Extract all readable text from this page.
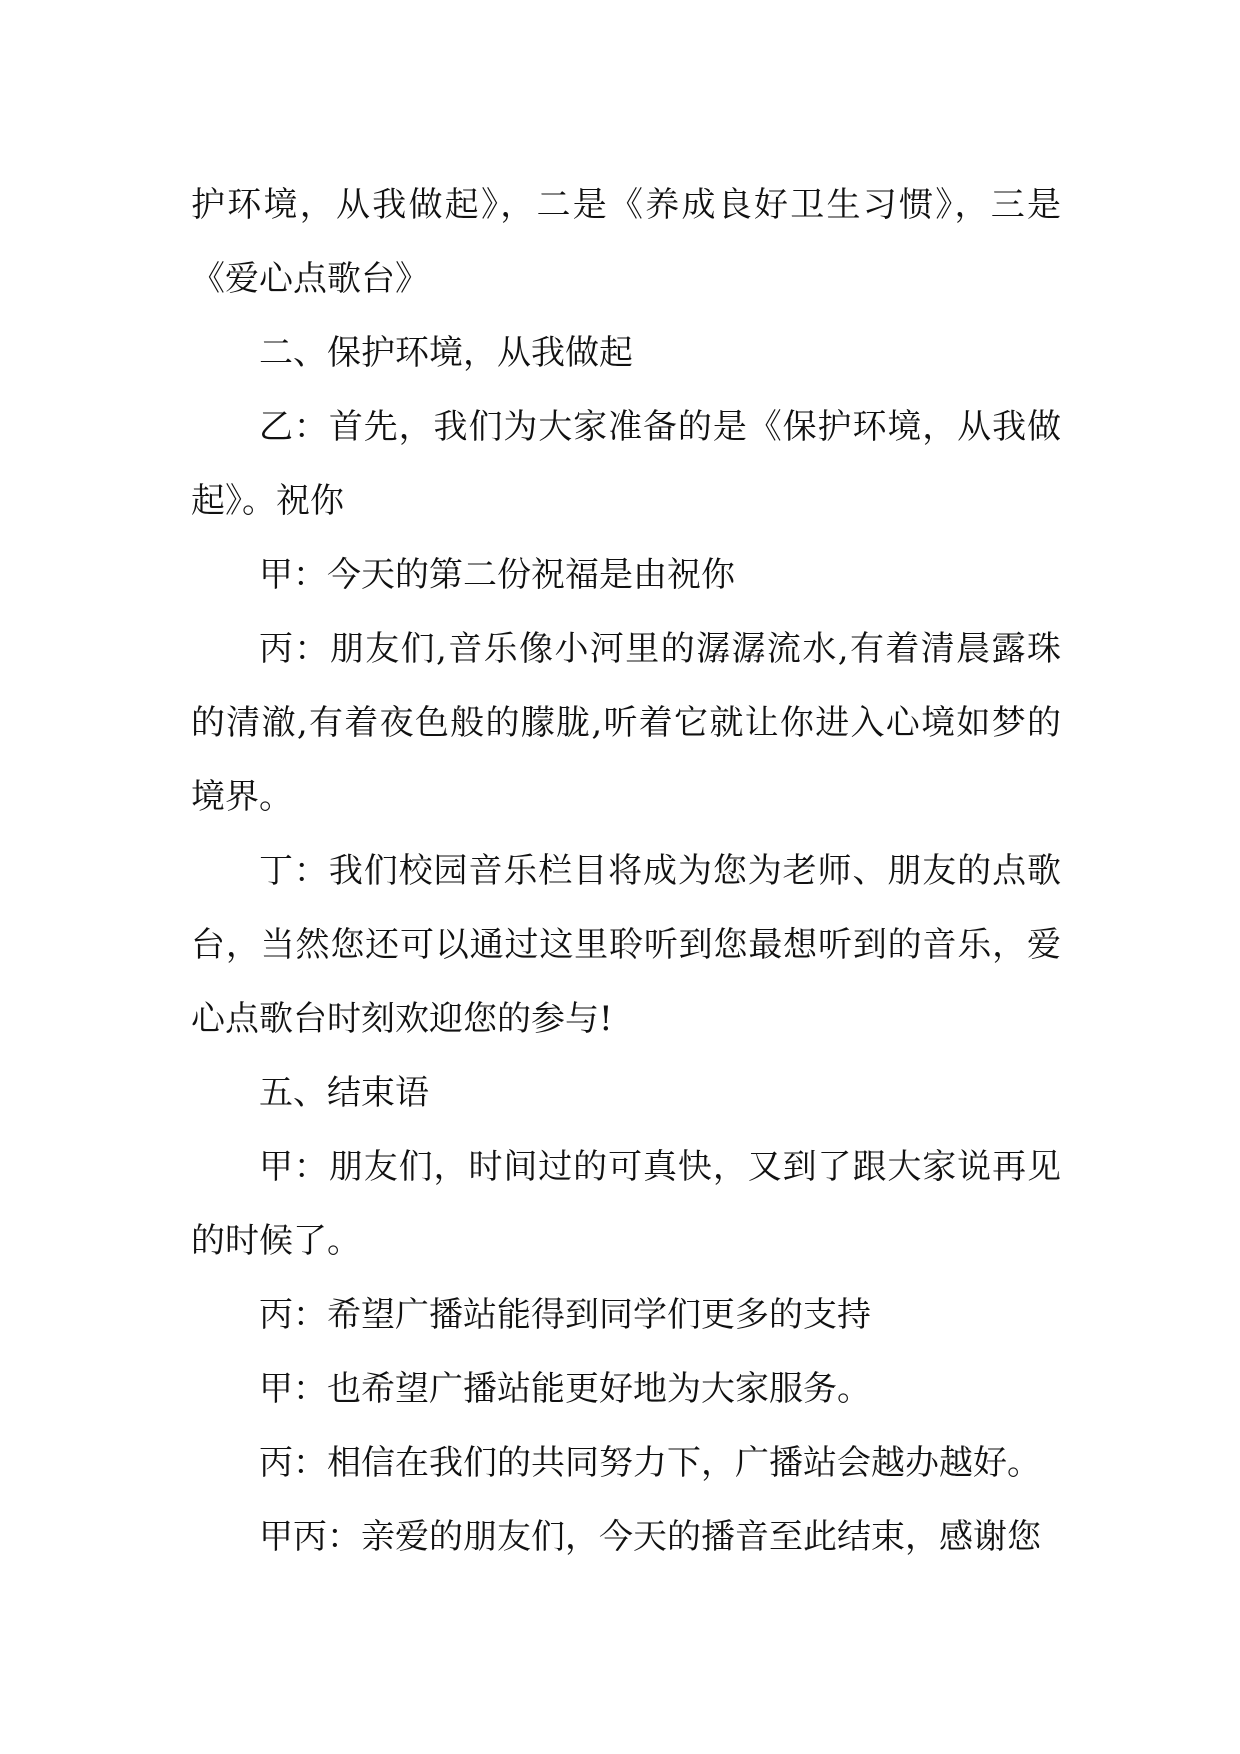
护环境，从我做起》，二是《养成良好卫生习惯》，三是《爱心点歌台》

二、保护环境，从我做起

乙：首先，我们为大家准备的是《保护环境，从我做起》。祝你

甲：今天的第二份祝福是由祝你

丙：朋友们,音乐像小河里的潺潺流水,有着清晨露珠的清澈,有着夜色般的朦胧,听着它就让你进入心境如梦的境界。

丁：我们校园音乐栏目将成为您为老师、朋友的点歌台，当然您还可以通过这里聆听到您最想听到的音乐，爱心点歌台时刻欢迎您的参与!

五、结束语

甲：朋友们，时间过的可真快，又到了跟大家说再见的时候了。

丙：希望广播站能得到同学们更多的支持

甲：也希望广播站能更好地为大家服务。

丙：相信在我们的共同努力下，广播站会越办越好。

甲丙：亲爱的朋友们，今天的播音至此结束，感谢您
